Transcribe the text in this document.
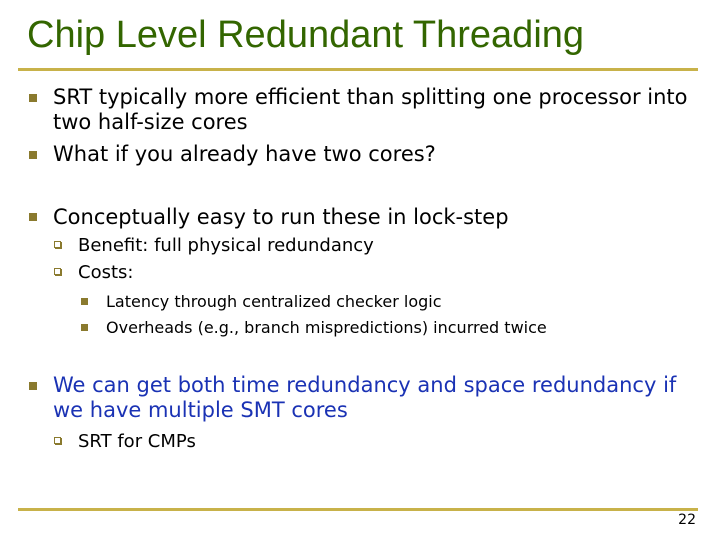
Chip Level Redundant Threading
SRT typically more efficient than splitting one processor into
two half-size cores
What if you already have two cores?
Conceptually easy to run these in lock-step
Benefit: full physical redundancy
Costs:
Latency through centralized checker logic
Overheads (e.g., branch mispredictions) incurred twice
We can get both time redundancy and space redundancy if
we have multiple SMT cores
SRT for CMPs
22
